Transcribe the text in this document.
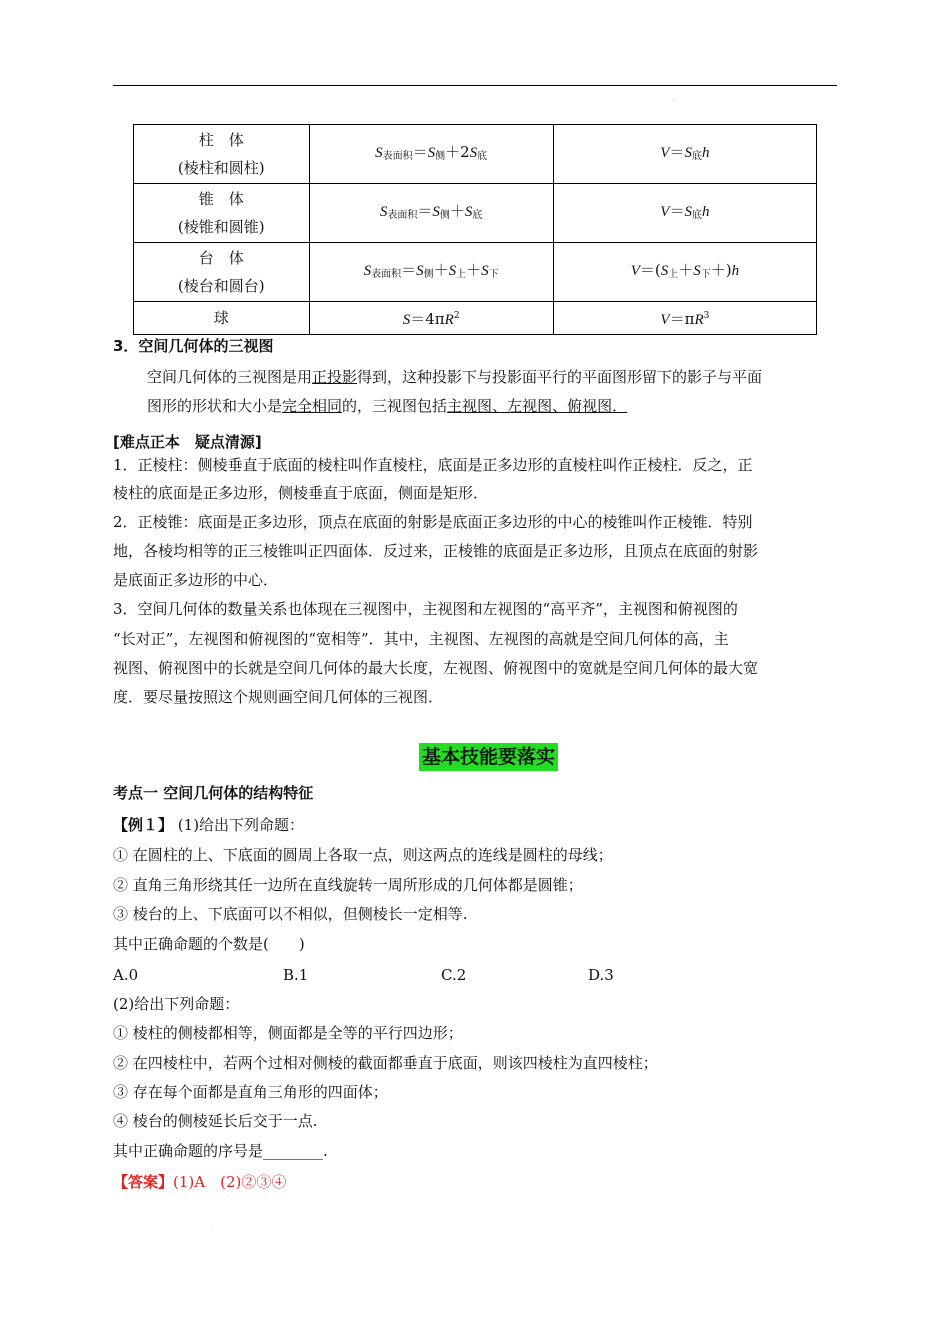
.
柱　体
(棱柱和圆柱)	$S_{表面积}=S_侧+2S_底$	$V=S_底h$

锥　体
(棱锥和圆锥)	$S_{表面积}=S_侧+S_底$	$V=S_底h$

台　体
(棱台和圆台)	$S_{表面积}=S_侧+S_上+S_下$	$V=(S_上+S_下+)h$
球	$S=4\pi R^2$	$V=\pi R^3$
3．空间几何体的三视图
空间几何体的三视图是用正投影得到，这种投影下与投影面平行的平面图形留下的影子与平面
图形的形状和大小是完全相同的，三视图包括主视图、左视图、俯视图．
[难点正本　疑点清源]
1．正棱柱：侧棱垂直于底面的棱柱叫作直棱柱，底面是正多边形的直棱柱叫作正棱柱．反之，正
棱柱的底面是正多边形，侧棱垂直于底面，侧面是矩形．
2．正棱锥：底面是正多边形，顶点在底面的射影是底面正多边形的中心的棱锥叫作正棱锥．特别
地，各棱均相等的正三棱锥叫正四面体．反过来，正棱锥的底面是正多边形，且顶点在底面的射影
是底面正多边形的中心．
3．空间几何体的数量关系也体现在三视图中，主视图和左视图的“高平齐”，主视图和俯视图的
“长对正”，左视图和俯视图的“宽相等”．其中，主视图、左视图的高就是空间几何体的高，主
视图、俯视图中的长就是空间几何体的最大长度，左视图、俯视图中的宽就是空间几何体的最大宽
度．要尽量按照这个规则画空间几何体的三视图．
基本技能要落实
考点一 空间几何体的结构特征
【例１】 (1)给出下列命题：
① 在圆柱的上、下底面的圆周上各取一点，则这两点的连线是圆柱的母线；
② 直角三角形绕其任一边所在直线旋转一周所形成的几何体都是圆锥；
③ 棱台的上、下底面可以不相似，但侧棱长一定相等.
其中正确命题的个数是(　　)
A.0	B.1	C.2	D.3
(2)给出下列命题：
① 棱柱的侧棱都相等，侧面都是全等的平行四边形；
② 在四棱柱中，若两个过相对侧棱的截面都垂直于底面，则该四棱柱为直四棱柱；
③ 存在每个面都是直角三角形的四面体；
④ 棱台的侧棱延长后交于一点.
其中正确命题的序号是________.
【答案】(1)A　(2)②③④
.
